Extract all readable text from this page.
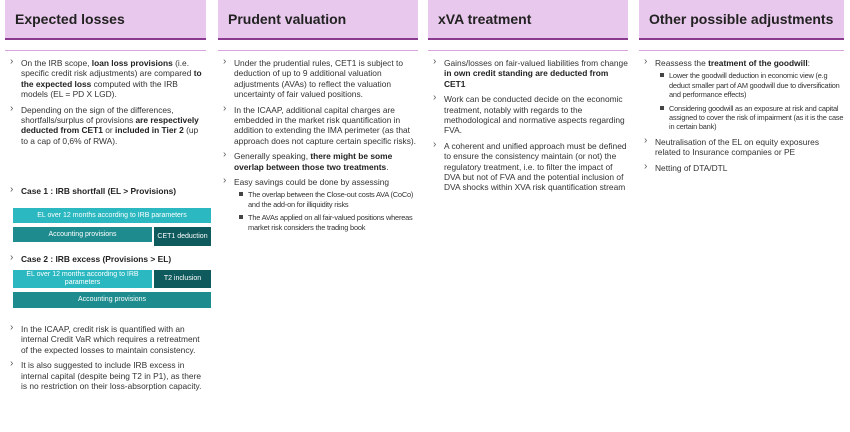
Expected losses
› On the IRB scope, loan loss provisions (i.e. specific credit risk adjustments) are compared to the expected loss computed with the IRB models (EL = PD X LGD).
› Depending on the sign of the differences, shortfalls/surplus of provisions are respectively deducted from CET1 or included in Tier 2 (up to a cap of 0,6% of RWA).
› Case 1 : IRB shortfall (EL > Provisions)
EL over 12 months according to IRB parameters
Accounting provisions	CET1 deduction
› Case 2 : IRB excess (Provisions > EL)
EL over 12 months according to IRB parameters
T2 inclusion
Accounting provisions
› In the ICAAP, credit risk is quantified with an internal Credit VaR which requires a retreatment of the expected losses to maintain consistency.
› It is also suggested to include IRB excess in internal capital (despite being T2 in P1), as there is no restriction on their loss-absorption capacity.
Prudent valuation
› Under the prudential rules, CET1 is subject to deduction of up to 9 additional valuation adjustments (AVAs) to reflect the valuation uncertainty of fair valued positions.
› In the ICAAP, additional capital charges are embedded in the market risk quantification in addition to extending the IMA perimeter (as that approach does not capture certain specific risks).
› Generally speaking, there might be some overlap between those two treatments.
› Easy savings could be done by assessing
The overlap between the Close-out costs AVA (CoCo) and the add-on for illiquidity risks
The AVAs applied on all fair-valued positions whereas market risk considers the trading book
xVA treatment
› Gains/losses on fair-valued liabilities from change in own credit standing are deducted from CET1
› Work can be conducted decide on the economic treatment, notably with regards to the methodological and normative aspects regarding FVA.
› A coherent and unified approach must be defined to ensure the consistency maintain (or not) the regulatory treatment, i.e. to filter the impact of DVA but not of FVA and the potential inclusion of DVA shocks within XVA risk quantification stream
Other possible adjustments
› Reassess the treatment of the goodwill:
Lower the goodwill deduction in economic view (e.g deduct smaller part of AM goodwill due to diversification and performance effects)
Considering goodwill as an exposure at risk and capital assigned to cover the risk of impairment (as it is the case in certain bank)
› Neutralisation of the EL on equity exposures related to Insurance companies or PE
› Netting of DTA/DTL
